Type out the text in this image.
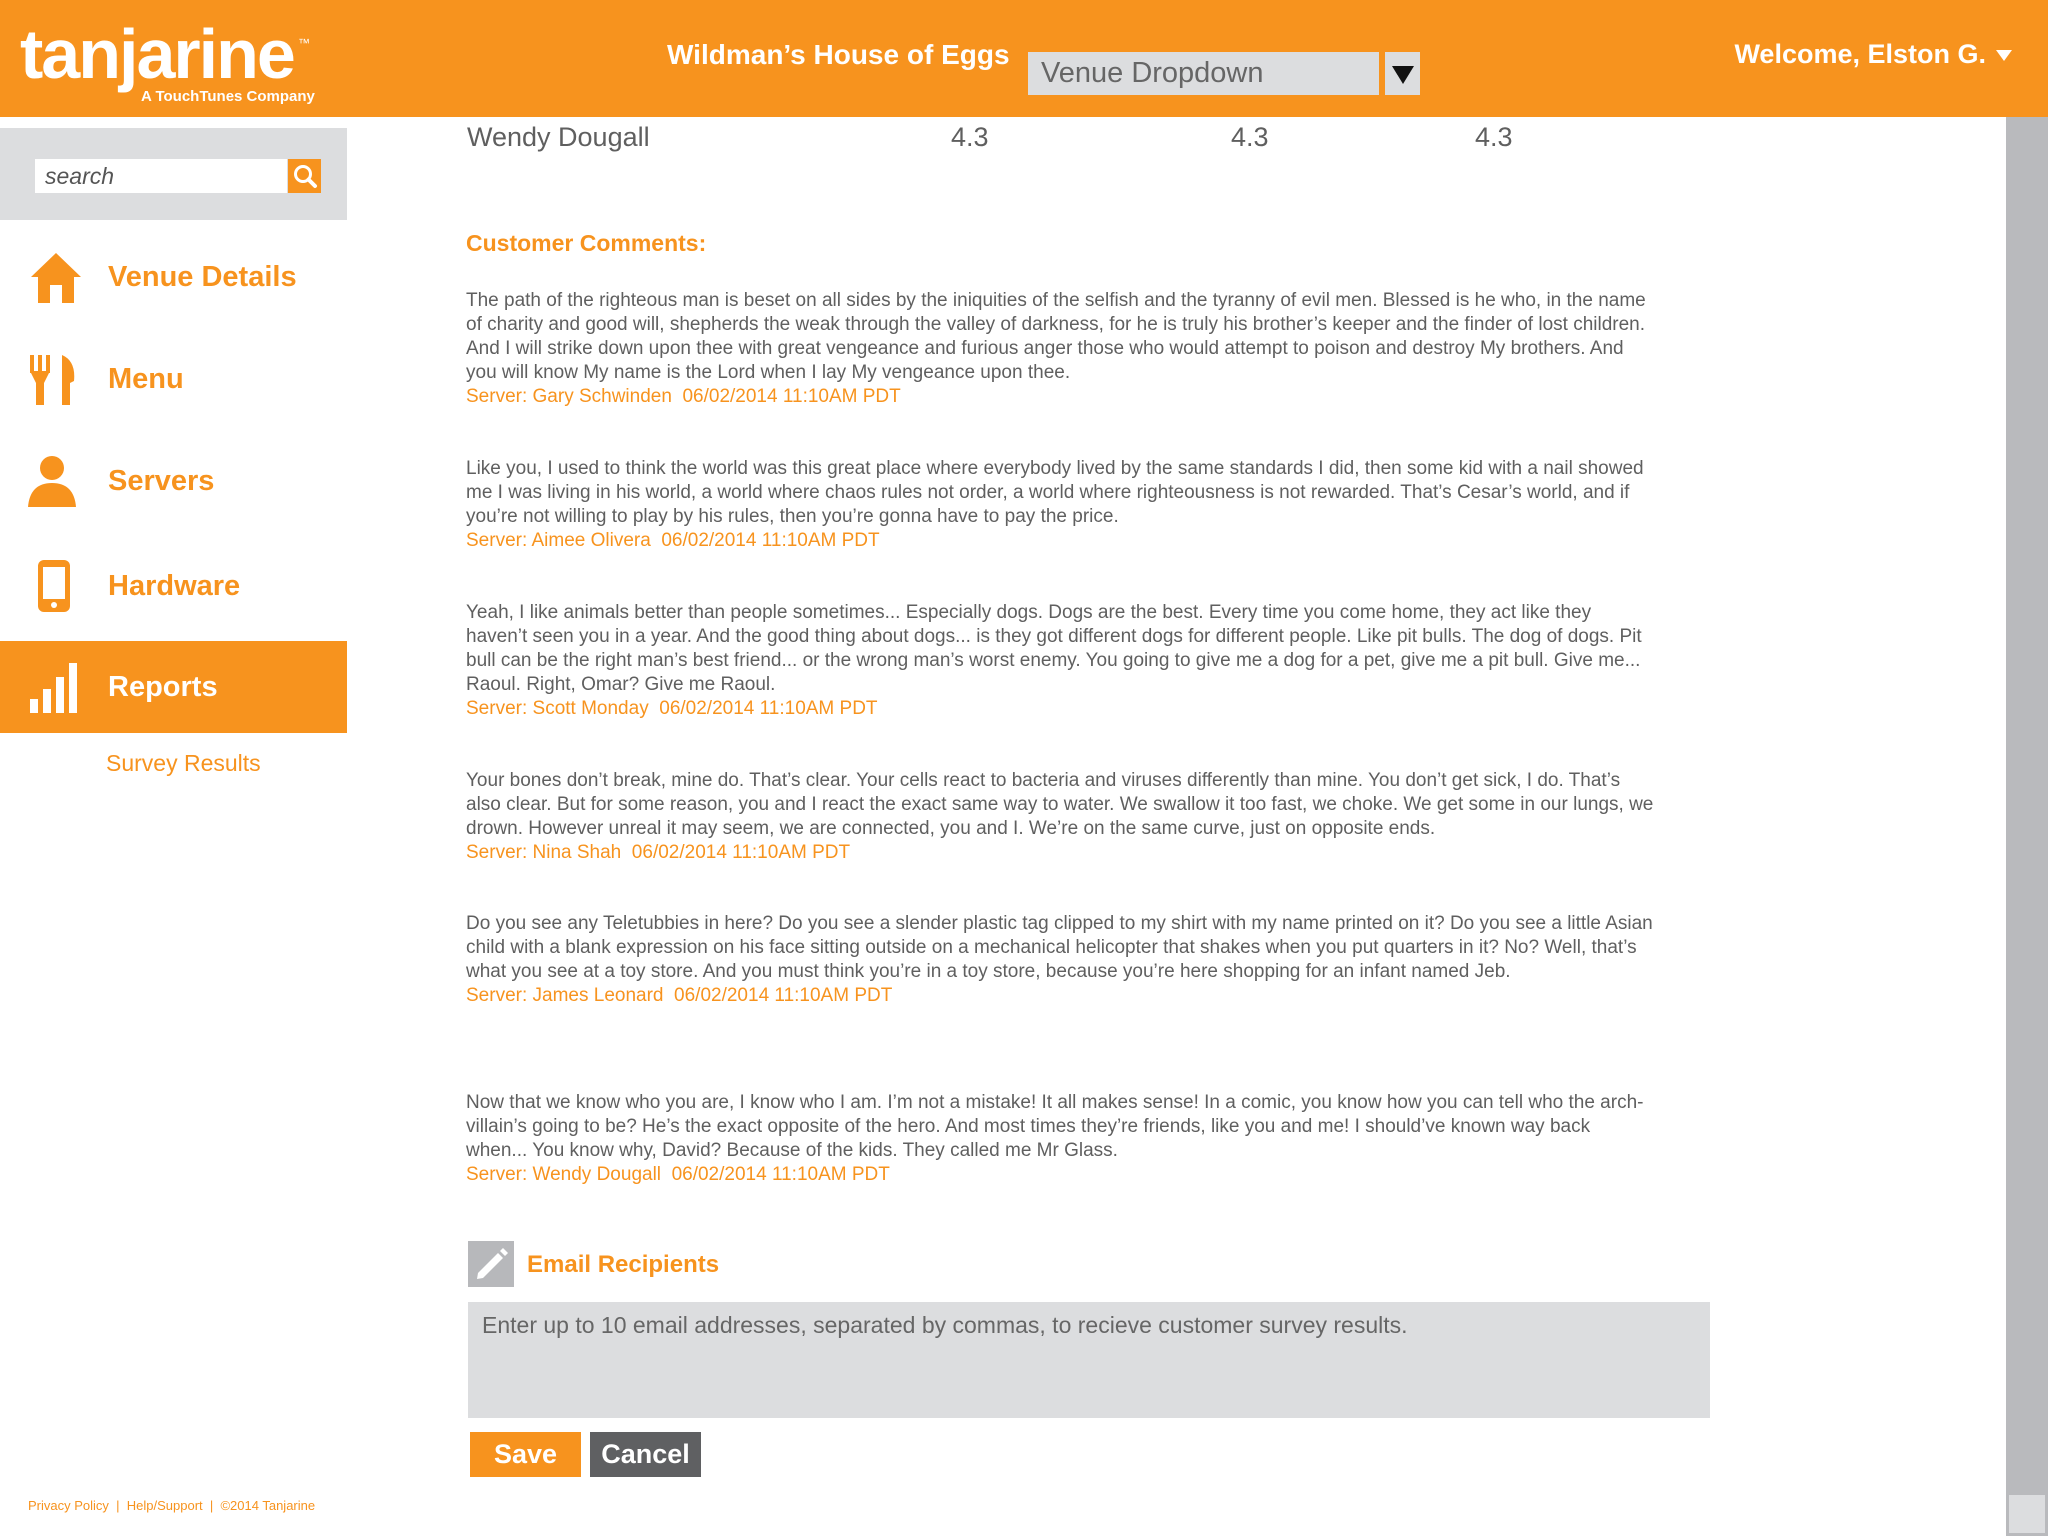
tanjarine ™
A TouchTunes Company
Wildman’s House of Eggs
Venue Dropdown
Welcome, Elston G.
search
Venue Details
Menu
Servers
Hardware
Reports
Survey Results
Wendy Dougall	4.3	4.3	4.3
Customer Comments:
The path of the righteous man is beset on all sides by the iniquities of the selfish and the tyranny of evil men. Blessed is he who, in the name of charity and good will, shepherds the weak through the valley of darkness, for he is truly his brother’s keeper and the finder of lost children. And I will strike down upon thee with great vengeance and furious anger those who would attempt to poison and destroy My brothers. And you will know My name is the Lord when I lay My vengeance upon thee.
Server: Gary Schwinden  06/02/2014 11:10AM PDT
Like you, I used to think the world was this great place where everybody lived by the same standards I did, then some kid with a nail showed me I was living in his world, a world where chaos rules not order, a world where righteousness is not rewarded. That’s Cesar’s world, and if you’re not willing to play by his rules, then you’re gonna have to pay the price.
Server: Aimee Olivera  06/02/2014 11:10AM PDT
Yeah, I like animals better than people sometimes... Especially dogs. Dogs are the best. Every time you come home, they act like they haven’t seen you in a year. And the good thing about dogs... is they got different dogs for different people. Like pit bulls. The dog of dogs. Pit bull can be the right man’s best friend... or the wrong man’s worst enemy. You going to give me a dog for a pet, give me a pit bull. Give me... Raoul. Right, Omar? Give me Raoul.
Server: Scott Monday  06/02/2014 11:10AM PDT
Your bones don’t break, mine do. That’s clear. Your cells react to bacteria and viruses differently than mine. You don’t get sick, I do. That’s also clear. But for some reason, you and I react the exact same way to water. We swallow it too fast, we choke. We get some in our lungs, we drown. However unreal it may seem, we are connected, you and I. We’re on the same curve, just on opposite ends.
Server: Nina Shah  06/02/2014 11:10AM PDT
Do you see any Teletubbies in here? Do you see a slender plastic tag clipped to my shirt with my name printed on it? Do you see a little Asian child with a blank expression on his face sitting outside on a mechanical helicopter that shakes when you put quarters in it? No? Well, that’s what you see at a toy store. And you must think you’re in a toy store, because you’re here shopping for an infant named Jeb.
Server: James Leonard  06/02/2014 11:10AM PDT
Now that we know who you are, I know who I am. I’m not a mistake! It all makes sense! In a comic, you know how you can tell who the arch-villain’s going to be? He’s the exact opposite of the hero. And most times they’re friends, like you and me! I should’ve known way back when... You know why, David? Because of the kids. They called me Mr Glass.
Server: Wendy Dougall  06/02/2014 11:10AM PDT
Email Recipients
Enter up to 10 email addresses, separated by commas, to recieve customer survey results.
Save	Cancel
Privacy Policy  |  Help/Support  |  ©2014 Tanjarine
